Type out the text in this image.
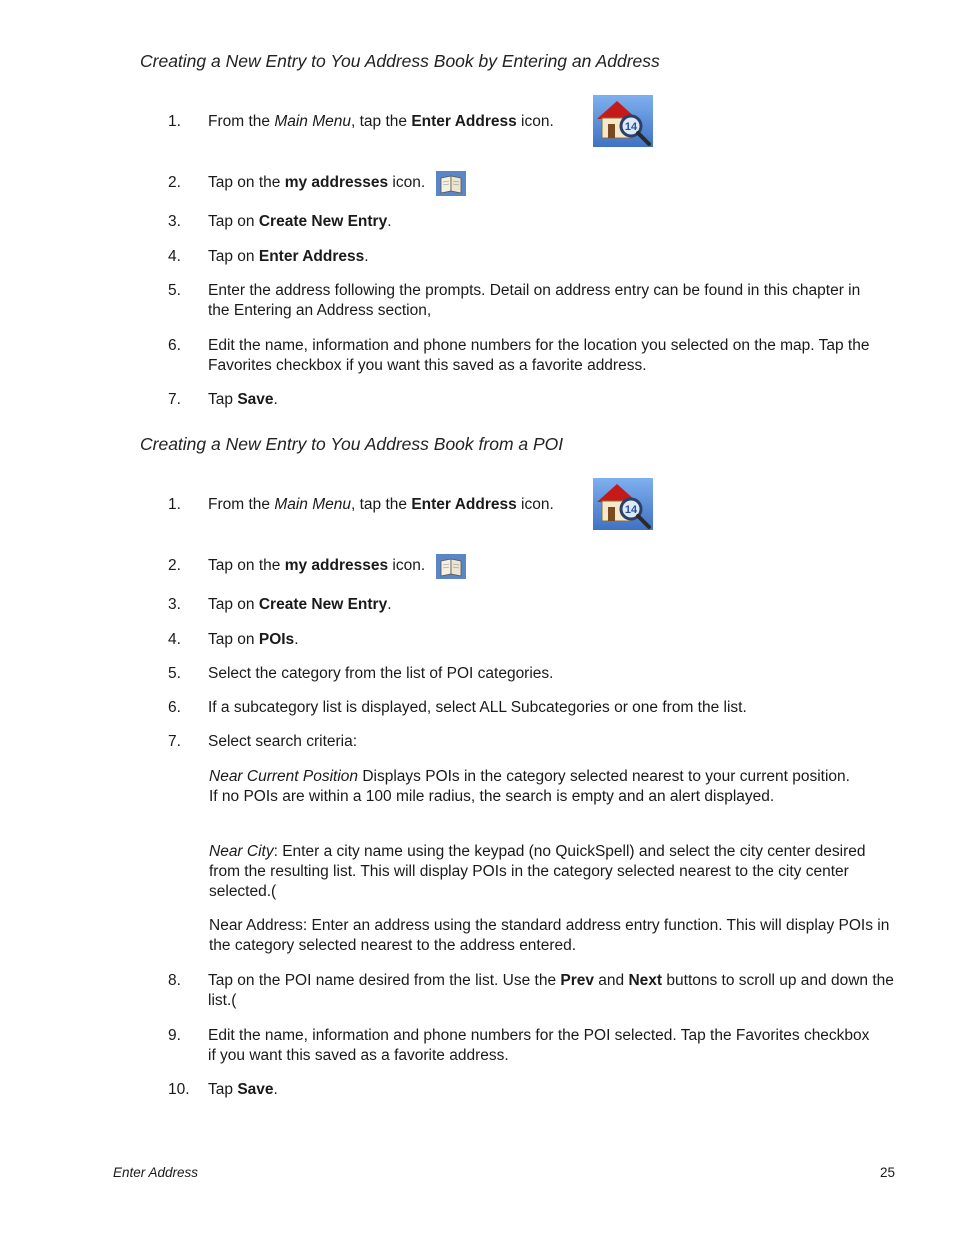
Creating a New Entry to You Address Book by Entering an Address
1. From the Main Menu, tap the Enter Address icon.	14
2. Tap on the my addresses icon.
3. Tap on Create New Entry.
4. Tap on Enter Address.
5. Enter the address following the prompts. Detail on address entry can be found in this chapter in the Entering an Address section,
6. Edit the name, information and phone numbers for the location you selected on the map. Tap the Favorites checkbox if you want this saved as a favorite address.
7. Tap Save.
Creating a New Entry to You Address Book from a POI
1. From the Main Menu, tap the Enter Address icon.	14
2. Tap on the my addresses icon.
3. Tap on Create New Entry.
4. Tap on POIs.
5. Select the category from the list of POI categories.
6. If a subcategory list is displayed, select ALL Subcategories or one from the list.
7. Select search criteria:
Near Current Position Displays POIs in the category selected nearest to your current position. If no POIs are within a 100 mile radius, the search is empty and an alert displayed.
Near City: Enter a city name using the keypad (no QuickSpell) and select the city center desired from the resulting list. This will display POIs in the category selected nearest to the city center selected.(
Near Address: Enter an address using the standard address entry function. This will display POIs in the category selected nearest to the address entered.
8. Tap on the POI name desired from the list. Use the Prev and Next buttons to scroll up and down the list.(
9. Edit the name, information and phone numbers for the POI selected. Tap the Favorites checkbox if you want this saved as a favorite address.
10. Tap Save.
Enter Address	25
